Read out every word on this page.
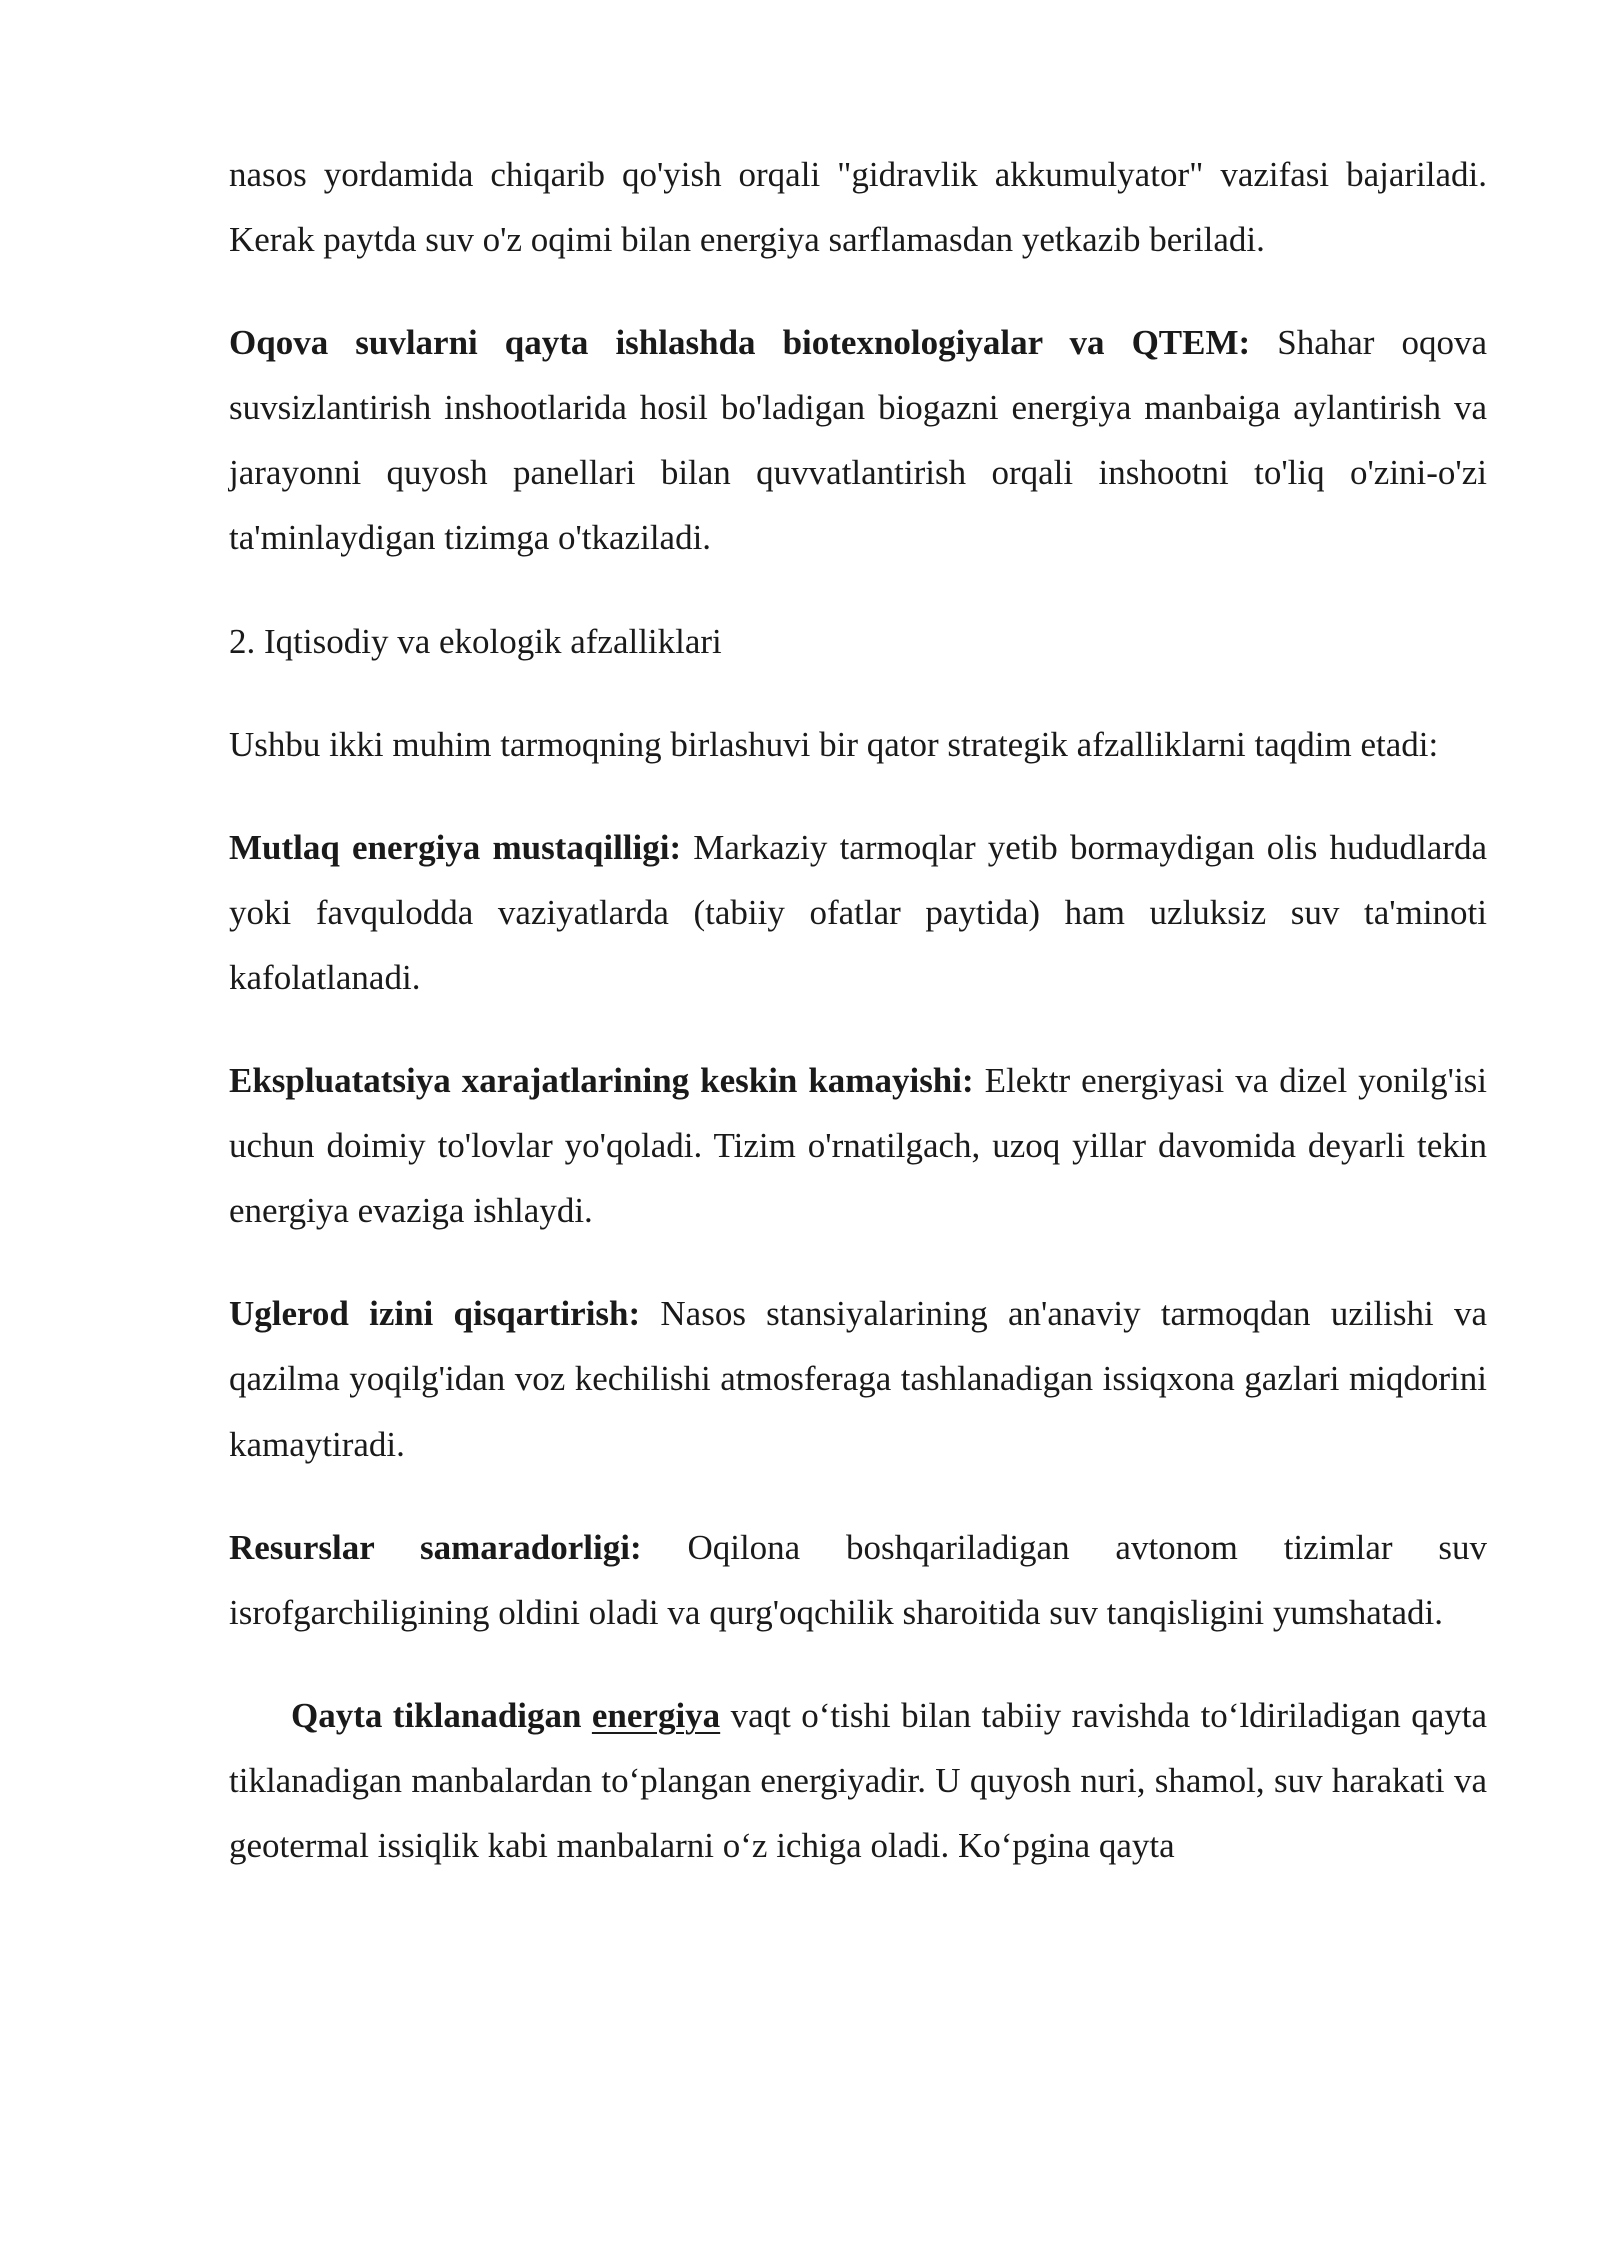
nasos yordamida chiqarib qo'yish orqali "gidravlik akkumulyator" vazifasi bajariladi. Kerak paytda suv o'z oqimi bilan energiya sarflamasdan yetkazib beriladi.

Oqova suvlarni qayta ishlashda biotexnologiyalar va QTEM: Shahar oqova suvsizlantirish inshootlarida hosil bo'ladigan biogazni energiya manbaiga aylantirish va jarayonni quyosh panellari bilan quvvatlantirish orqali inshootni to'liq o'zini-o'zi ta'minlaydigan tizimga o'tkaziladi.

2. Iqtisodiy va ekologik afzalliklari

Ushbu ikki muhim tarmoqning birlashuvi bir qator strategik afzalliklarni taqdim etadi:

Mutlaq energiya mustaqilligi: Markaziy tarmoqlar yetib bormaydigan olis hududlarda yoki favqulodda vaziyatlarda (tabiiy ofatlar paytida) ham uzluksiz suv ta'minoti kafolatlanadi.

Ekspluatatsiya xarajatlarining keskin kamayishi: Elektr energiyasi va dizel yonilg'isi uchun doimiy to'lovlar yo'qoladi. Tizim o'rnatilgach, uzoq yillar davomida deyarli tekin energiya evaziga ishlaydi.

Uglerod izini qisqartirish: Nasos stansiyalarining an'anaviy tarmoqdan uzilishi va qazilma yoqilg'idan voz kechilishi atmosferaga tashlanadigan issiqxona gazlari miqdorini kamaytiradi.

Resurslar samaradorligi: Oqilona boshqariladigan avtonom tizimlar suv isrofgarchiligining oldini oladi va qurg'oqchilik sharoitida suv tanqisligini yumshatadi.

Qayta tiklanadigan energiya vaqt oʻtishi bilan tabiiy ravishda toʻldiriladigan qayta tiklanadigan manbalardan toʻplangan energiyadir. U quyosh nuri, shamol, suv harakati va geotermal issiqlik kabi manbalarni oʻz ichiga oladi. Koʻpgina qayta
